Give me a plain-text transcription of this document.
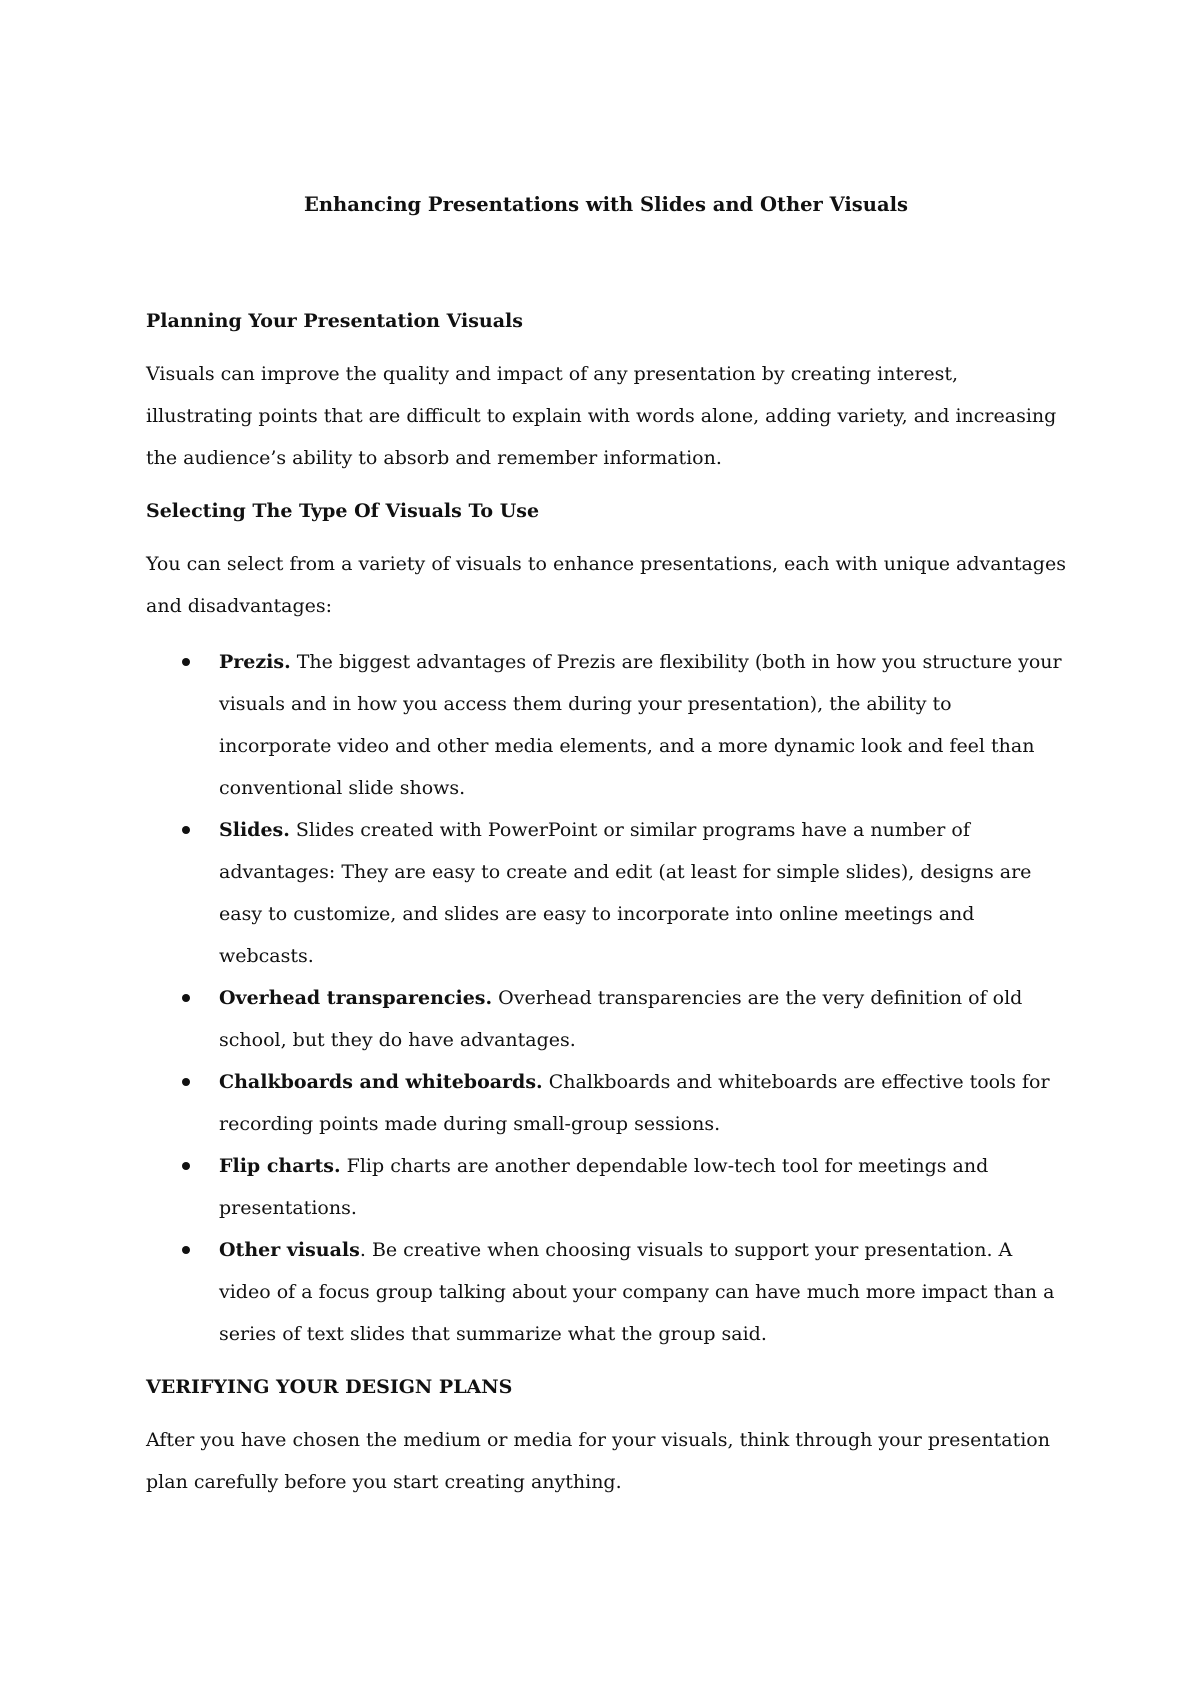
Enhancing Presentations with Slides and Other Visuals
Planning Your Presentation Visuals

Visuals can improve the quality and impact of any presentation by creating interest, illustrating points that are difficult to explain with words alone, adding variety, and increasing the audience’s ability to absorb and remember information.

Selecting The Type Of Visuals To Use

You can select from a variety of visuals to enhance presentations, each with unique advantages and disadvantages:

Prezis. The biggest advantages of Prezis are flexibility (both in how you structure your visuals and in how you access them during your presentation), the ability to incorporate video and other media elements, and a more dynamic look and feel than conventional slide shows.
Slides. Slides created with PowerPoint or similar programs have a number of advantages: They are easy to create and edit (at least for simple slides), designs are easy to customize, and slides are easy to incorporate into online meetings and webcasts.
Overhead transparencies. Overhead transparencies are the very definition of old school, but they do have advantages.
Chalkboards and whiteboards. Chalkboards and whiteboards are effective tools for recording points made during small-group sessions.
Flip charts. Flip charts are another dependable low-tech tool for meetings and presentations.
Other visuals. Be creative when choosing visuals to support your presentation. A video of a focus group talking about your company can have much more impact than a series of text slides that summarize what the group said.
VERIFYING YOUR DESIGN PLANS

After you have chosen the medium or media for your visuals, think through your presentation plan carefully before you start creating anything.
